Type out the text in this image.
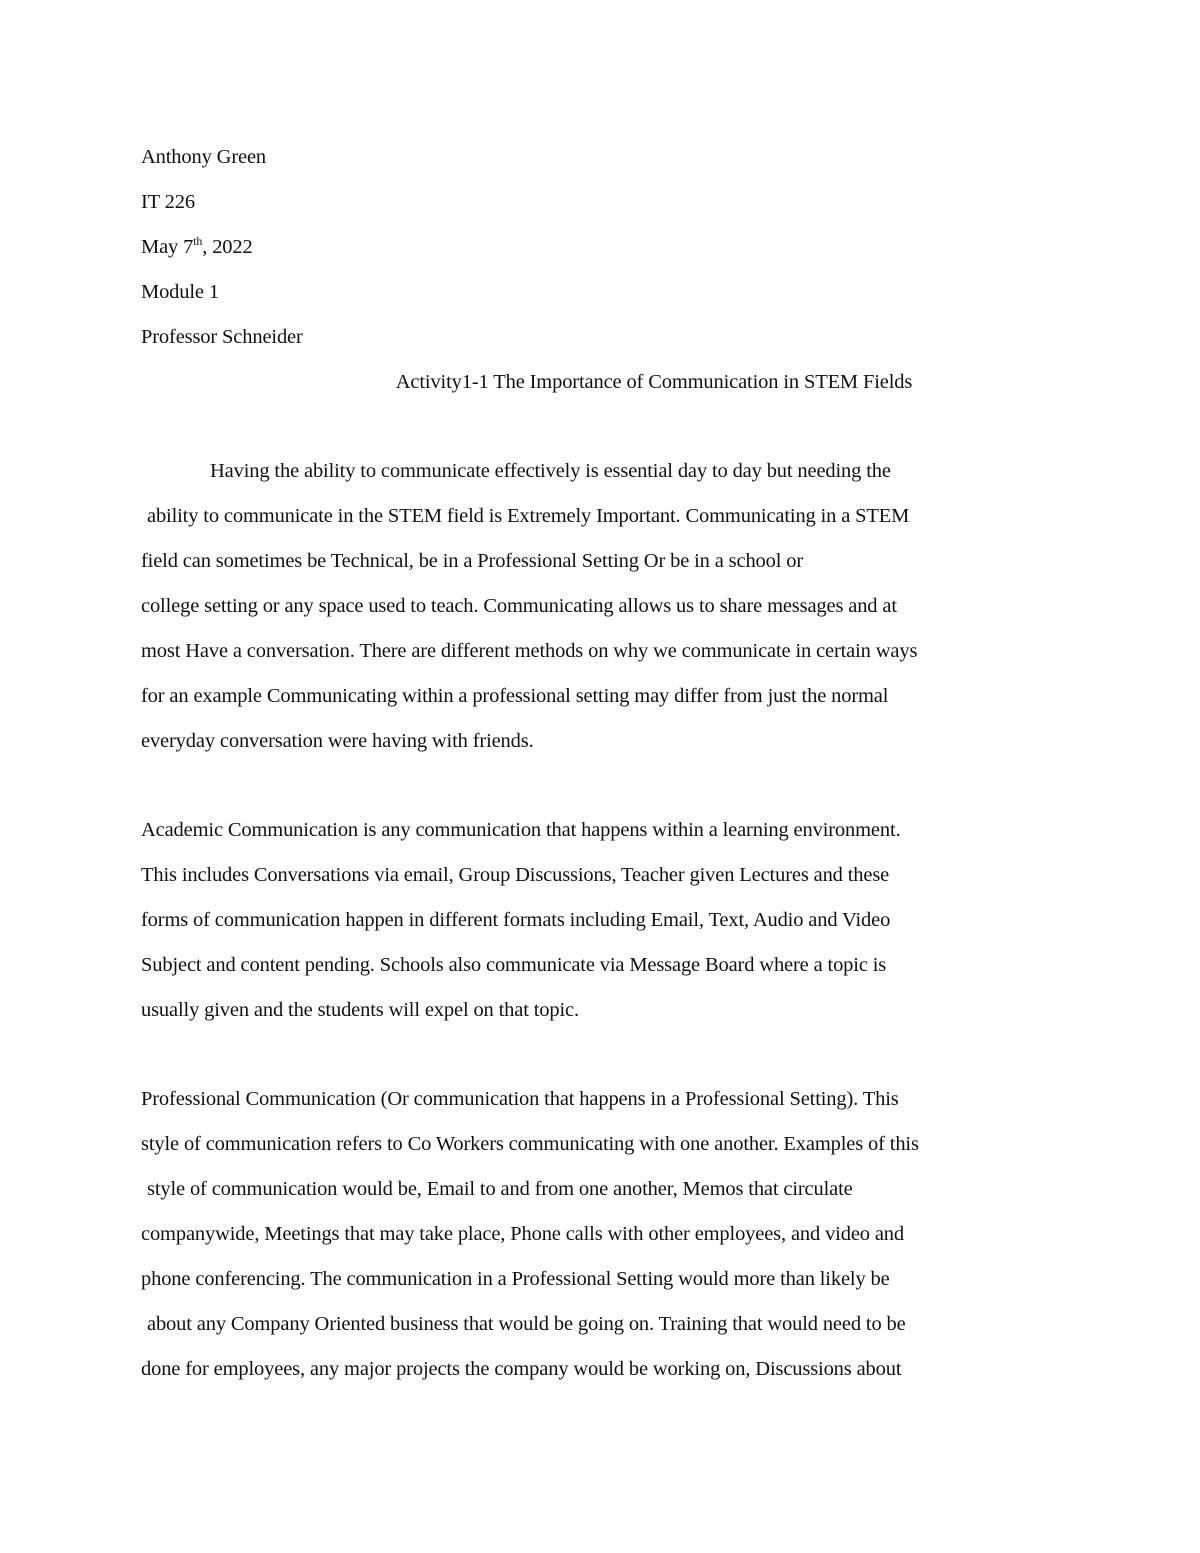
Anthony Green
IT 226
May 7th, 2022
Module 1
Professor Schneider
Activity1-1 The Importance of Communication in STEM Fields
Having the ability to communicate effectively is essential day to day but needing the
ability to communicate in the STEM field is Extremely Important. Communicating in a STEM
field can sometimes be Technical, be in a Professional Setting Or be in a school or
college setting or any space used to teach. Communicating allows us to share messages and at
most Have a conversation. There are different methods on why we communicate in certain ways
for an example Communicating within a professional setting may differ from just the normal
everyday conversation were having with friends.
Academic Communication is any communication that happens within a learning environment.
This includes Conversations via email, Group Discussions, Teacher given Lectures and these
forms of communication happen in different formats including Email, Text, Audio and Video
Subject and content pending. Schools also communicate via Message Board where a topic is
usually given and the students will expel on that topic.
Professional Communication (Or communication that happens in a Professional Setting). This
style of communication refers to Co Workers communicating with one another. Examples of this
style of communication would be, Email to and from one another, Memos that circulate
companywide, Meetings that may take place, Phone calls with other employees, and video and
phone conferencing. The communication in a Professional Setting would more than likely be
about any Company Oriented business that would be going on. Training that would need to be
done for employees, any major projects the company would be working on, Discussions about
